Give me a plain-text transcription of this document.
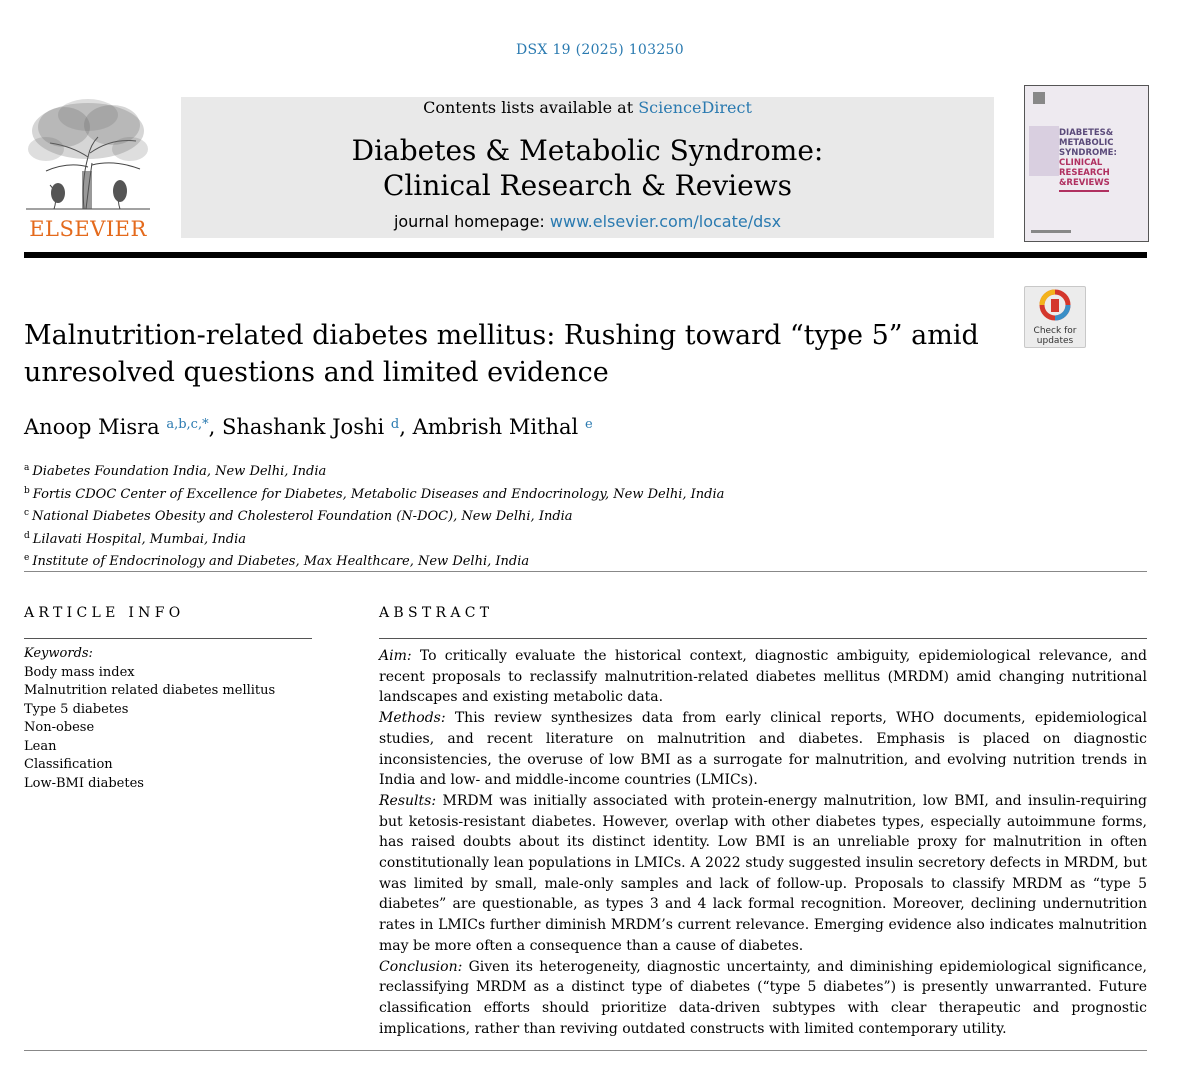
DSX 19 (2025) 103250
ELSEVIER
Contents lists available at ScienceDirect
Diabetes & Metabolic Syndrome:
Clinical Research & Reviews
journal homepage: www.elsevier.com/locate/dsx
DIABETES&
METABOLIC
SYNDROME:
CLINICAL
RESEARCH
&REVIEWS
Malnutrition-related diabetes mellitus: Rushing toward “type 5” amid
unresolved questions and limited evidence
Check for
updates
Anoop Misra $^{a,b,c,*}$, Shashank Joshi $^d$, Ambrish Mithal $^e$
$^a$ Diabetes Foundation India, New Delhi, India
$^b$ Fortis CDOC Center of Excellence for Diabetes, Metabolic Diseases and Endocrinology, New Delhi, India
$^c$ National Diabetes Obesity and Cholesterol Foundation (N-DOC), New Delhi, India
$^d$ Lilavati Hospital, Mumbai, India
$^e$ Institute of Endocrinology and Diabetes, Max Healthcare, New Delhi, India
ARTICLE INFO
Keywords:
Body mass index
Malnutrition related diabetes mellitus
Type 5 diabetes
Non-obese
Lean
Classification
Low-BMI diabetes
ABSTRACT

Aim: To critically evaluate the historical context, diagnostic ambiguity, epidemiological relevance, and recent proposals to reclassify malnutrition-related diabetes mellitus (MRDM) amid changing nutritional landscapes and existing metabolic data.

Methods: This review synthesizes data from early clinical reports, WHO documents, epidemiological studies, and recent literature on malnutrition and diabetes. Emphasis is placed on diagnostic inconsistencies, the overuse of low BMI as a surrogate for malnutrition, and evolving nutrition trends in India and low- and middle-income countries (LMICs).

Results: MRDM was initially associated with protein-energy malnutrition, low BMI, and insulin-requiring but ketosis-resistant diabetes. However, overlap with other diabetes types, especially autoimmune forms, has raised doubts about its distinct identity. Low BMI is an unreliable proxy for malnutrition in often constitutionally lean populations in LMICs. A 2022 study suggested insulin secretory defects in MRDM, but was limited by small, male-only samples and lack of follow-up. Proposals to classify MRDM as “type 5 diabetes” are questionable, as types 3 and 4 lack formal recognition. Moreover, declining undernutrition rates in LMICs further diminish MRDM’s current relevance. Emerging evidence also indicates malnutrition may be more often a consequence than a cause of diabetes.

Conclusion: Given its heterogeneity, diagnostic uncertainty, and diminishing epidemiological significance, reclassifying MRDM as a distinct type of diabetes (“type 5 diabetes”) is presently unwarranted. Future classification efforts should prioritize data-driven subtypes with clear therapeutic and prognostic implications, rather than reviving outdated constructs with limited contemporary utility.
